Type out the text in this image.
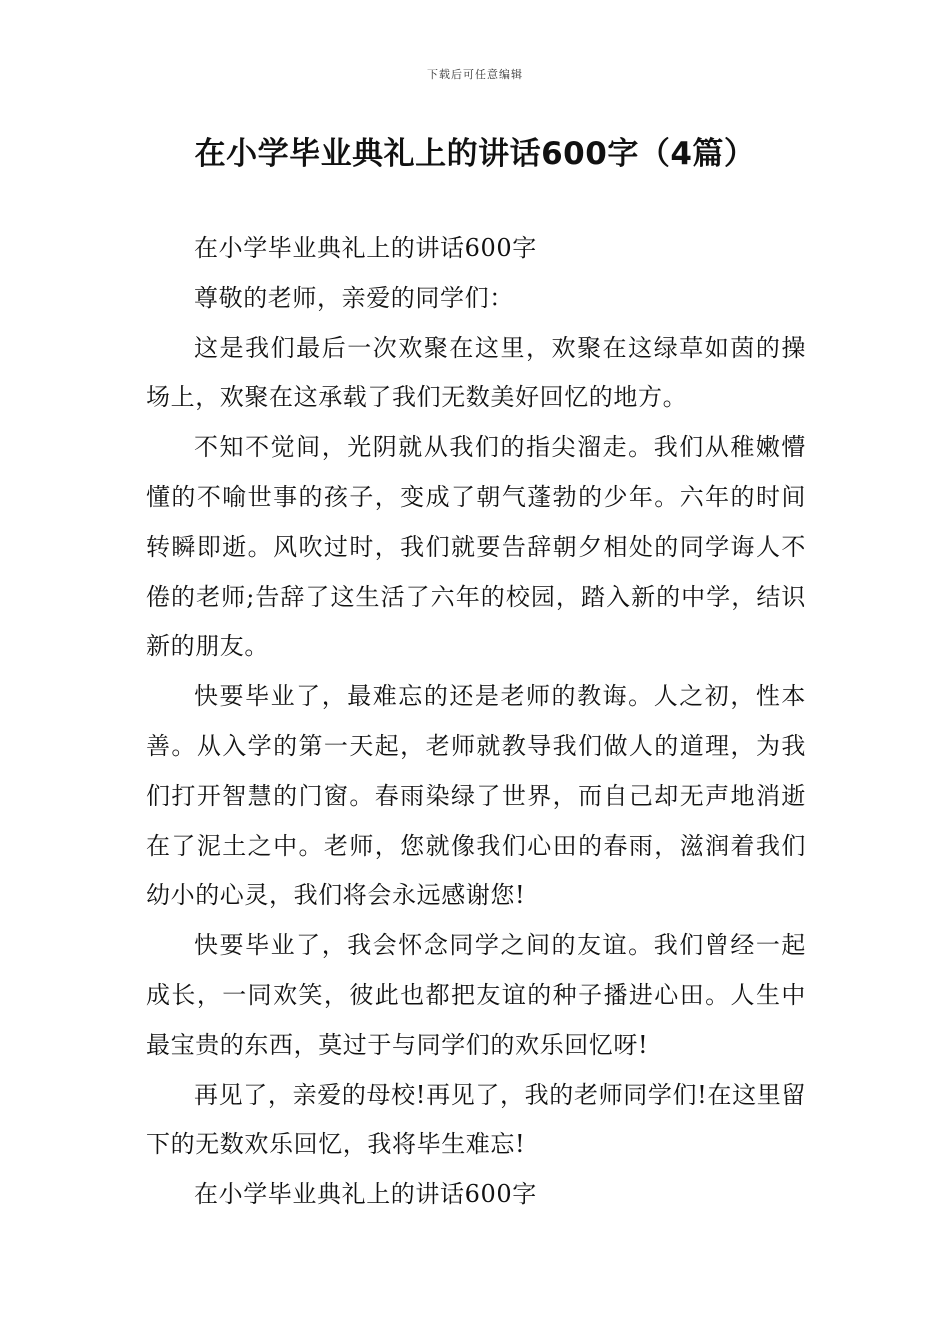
下载后可任意编辑
在小学毕业典礼上的讲话600字（4篇）

在小学毕业典礼上的讲话600字

尊敬的老师，亲爱的同学们：

这是我们最后一次欢聚在这里，欢聚在这绿草如茵的操场上，欢聚在这承载了我们无数美好回忆的地方。

不知不觉间，光阴就从我们的指尖溜走。我们从稚嫩懵懂的不喻世事的孩子，变成了朝气蓬勃的少年。六年的时间转瞬即逝。风吹过时，我们就要告辞朝夕相处的同学诲人不倦的老师;告辞了这生活了六年的校园，踏入新的中学，结识新的朋友。

快要毕业了，最难忘的还是老师的教诲。人之初，性本善。从入学的第一天起，老师就教导我们做人的道理，为我们打开智慧的门窗。春雨染绿了世界，而自己却无声地消逝在了泥土之中。老师，您就像我们心田的春雨，滋润着我们幼小的心灵，我们将会永远感谢您!

快要毕业了，我会怀念同学之间的友谊。我们曾经一起成长，一同欢笑，彼此也都把友谊的种子播进心田。人生中最宝贵的东西，莫过于与同学们的欢乐回忆呀!

再见了，亲爱的母校!再见了，我的老师同学们!在这里留下的无数欢乐回忆，我将毕生难忘!

在小学毕业典礼上的讲话600字
